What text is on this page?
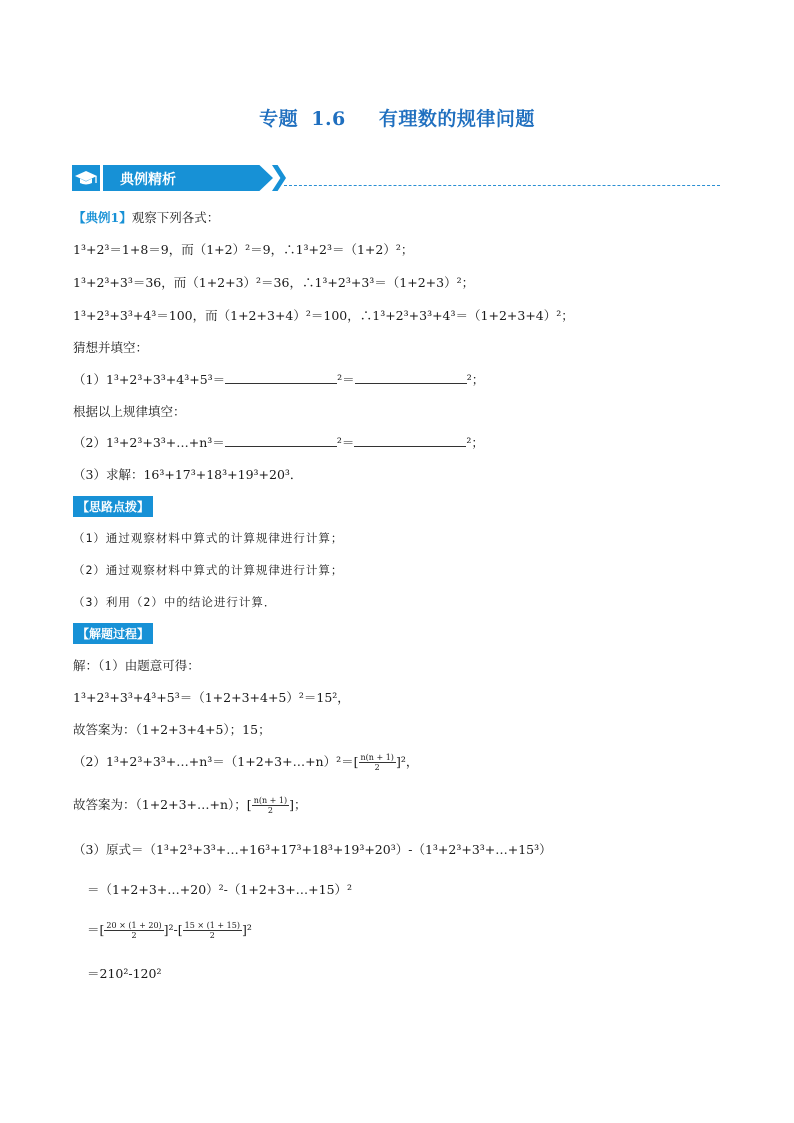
专题 1.6 有理数的规律问题
典例精析
【典例1】观察下列各式：
1³+2³＝1+8＝9，而（1+2）²＝9，∴1³+2³＝（1+2）²；
1³+2³+3³＝36，而（1+2+3）²＝36，∴1³+2³+3³＝（1+2+3）²；
1³+2³+3³+4³＝100，而（1+2+3+4）²＝100，∴1³+2³+3³+4³＝（1+2+3+4）²；
猜想并填空：
（1）1³+2³+3³+4³+5³＝	²＝	²；
根据以上规律填空：
（2）1³+2³+3³+…+n³＝	²＝	²；
（3）求解：16³+17³+18³+19³+20³．
【思路点拨】
（1）通过观察材料中算式的计算规律进行计算；
（2）通过观察材料中算式的计算规律进行计算；
（3）利用（2）中的结论进行计算．
【解题过程】
解：（1）由题意可得：
1³+2³+3³+4³+5³＝（1+2+3+4+5）²＝15²，
故答案为：（1+2+3+4+5）；15；
（2）1³+2³+3³+…+n³＝（1+2+3+…+n）²＝[ $\frac{n(n + 1)}{2} ]^2$，
故答案为：（1+2+3+…+n）；[ $\frac{n(n + 1)}{2}$ ]；
（3）原式＝（1³+2³+3³+…+16³+17³+18³+19³+20³）-（1³+2³+3³+…+15³）
＝（1+2+3+…+20）²-（1+2+3+…+15）²
＝[ $\frac{20 \times (1 + 20)}{2} ]^2-[ \frac{15 \times (1 + 15)}{2} ]^2$
＝210²-120²
